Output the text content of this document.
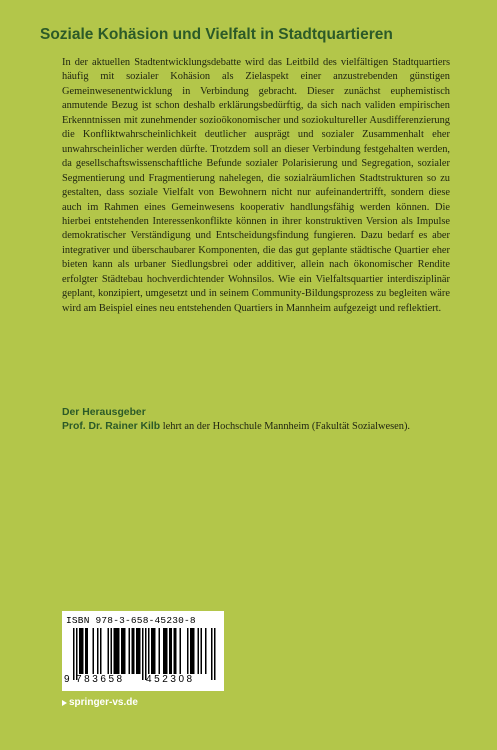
Soziale Kohäsion und Vielfalt in Stadtquartieren

In der aktuellen Stadtentwicklungsdebatte wird das Leitbild des vielfältigen Stadtquartiers häufig mit sozialer Kohäsion als Zielaspekt einer anzustrebenden günstigen Gemeinwesenentwicklung in Verbindung gebracht. Dieser zunächst euphemistisch anmutende Bezug ist schon deshalb erklärungsbedürftig, da sich nach validen empirischen Erkenntnissen mit zunehmender sozioökonomischer und soziokultureller Ausdifferenzierung die Konfliktwahrscheinlichkeit deutlicher ausprägt und sozialer Zusammenhalt eher unwahrscheinlicher werden dürfte. Trotzdem soll an dieser Verbindung festgehalten werden, da gesellschaftswissenschaftliche Befunde sozialer Polarisierung und Segregation, sozialer Segmentierung und Fragmentierung nahelegen, die sozialräumlichen Stadtstrukturen so zu gestalten, dass soziale Vielfalt von Bewohnern nicht nur aufeinandertrifft, sondern diese auch im Rahmen eines Gemeinwesens kooperativ handlungsfähig werden können. Die hierbei entstehenden Interessenkonflikte können in ihrer konstruktiven Version als Impulse demokratischer Verständigung und Entscheidungsfindung fungieren. Dazu bedarf es aber integrativer und überschaubarer Komponenten, die das gut geplante städtische Quartier eher bieten kann als urbaner Siedlungsbrei oder additiver, allein nach ökonomischer Rendite erfolgter Städtebau hochverdichtender Wohnsilos. Wie ein Vielfaltsquartier interdisziplinär geplant, konzipiert, umgesetzt und in seinem Community-Bildungsprozess zu begleiten wäre wird am Beispiel eines neu entstehenden Quartiers in Mannheim aufgezeigt und reflektiert.

Der Herausgeber
Prof. Dr. Rainer Kilb lehrt an der Hochschule Mannheim (Fakultät Sozialwesen).
ISBN 978-3-658-45230-8
9 783658 452308
springer-vs.de
